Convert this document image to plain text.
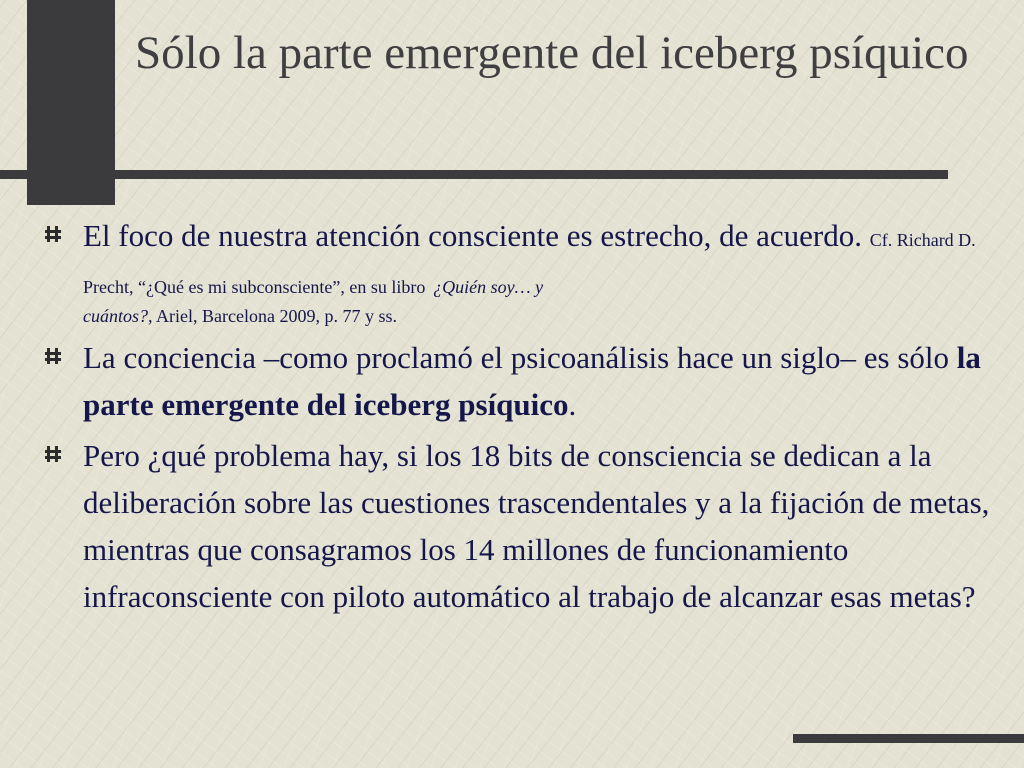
Sólo la parte emergente del iceberg psíquico
El foco de nuestra atención consciente es estrecho, de acuerdo. Cf. Richard D. Precht, “¿Qué es mi subconsciente”, en su libro ¿Quién soy… y
cuántos?, Ariel, Barcelona 2009, p. 77 y ss.
La conciencia –como proclamó el psicoanálisis hace un siglo– es sólo la parte emergente del iceberg psíquico.
Pero ¿qué problema hay, si los 18 bits de consciencia se dedican a la deliberación sobre las cuestiones trascendentales y a la fijación de metas, mientras que consagramos los 14 millones de funcionamiento infraconsciente con piloto automático al trabajo de alcanzar esas metas?
